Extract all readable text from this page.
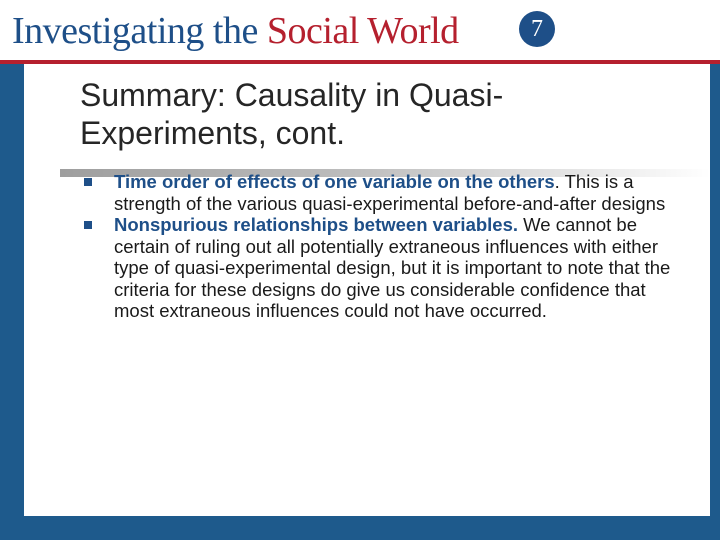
Investigating the Social World	7
Summary: Causality in Quasi-Experiments, cont.
Time order of effects of one variable on the others. This is a strength of the various quasi-experimental before-and-after designs
Nonspurious relationships between variables. We cannot be certain of ruling out all potentially extraneous influences with either type of quasi-experimental design, but it is important to note that the criteria for these designs do give us considerable confidence that most extraneous influences could not have occurred.
